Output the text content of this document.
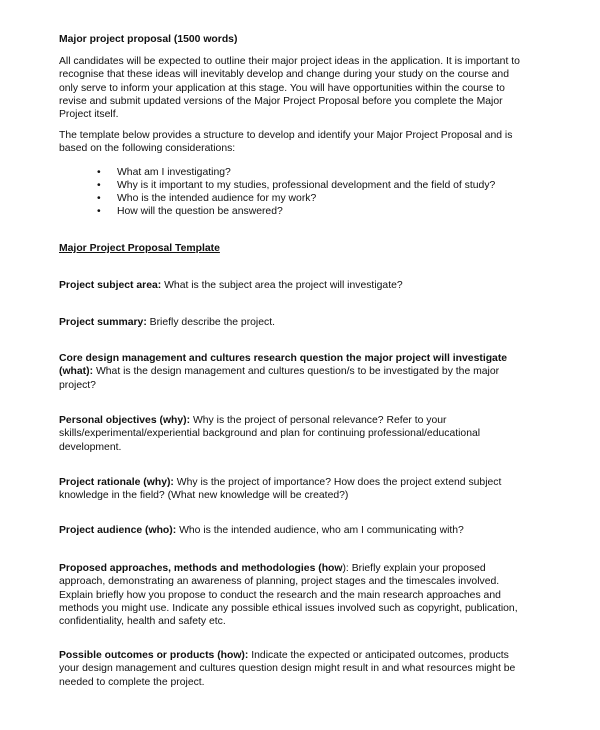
Major project proposal (1500 words)
All candidates will be expected to outline their major project ideas in the application. It is important to
recognise that these ideas will inevitably develop and change during your study on the course and
only serve to inform your application at this stage. You will have opportunities within the course to
revise and submit updated versions of the Major Project Proposal before you complete the Major
Project itself.
The template below provides a structure to develop and identify your Major Project Proposal and is
based on the following considerations:
• What am I investigating?
• Why is it important to my studies, professional development and the field of study?
• Who is the intended audience for my work?
• How will the question be answered?
Major Project Proposal Template
Project subject area: What is the subject area the project will investigate?
Project summary: Briefly describe the project.
Core design management and cultures research question the major project will investigate
(what): What is the design management and cultures question/s to be investigated by the major
project?
Personal objectives (why): Why is the project of personal relevance? Refer to your
skills/experimental/experiential background and plan for continuing professional/educational
development.
Project rationale (why): Why is the project of importance? How does the project extend subject
knowledge in the field? (What new knowledge will be created?)
Project audience (who): Who is the intended audience, who am I communicating with?
Proposed approaches, methods and methodologies (how): Briefly explain your proposed
approach, demonstrating an awareness of planning, project stages and the timescales involved.
Explain briefly how you propose to conduct the research and the main research approaches and
methods you might use. Indicate any possible ethical issues involved such as copyright, publication,
confidentiality, health and safety etc.
Possible outcomes or products (how): Indicate the expected or anticipated outcomes, products
your design management and cultures question design might result in and what resources might be
needed to complete the project.
